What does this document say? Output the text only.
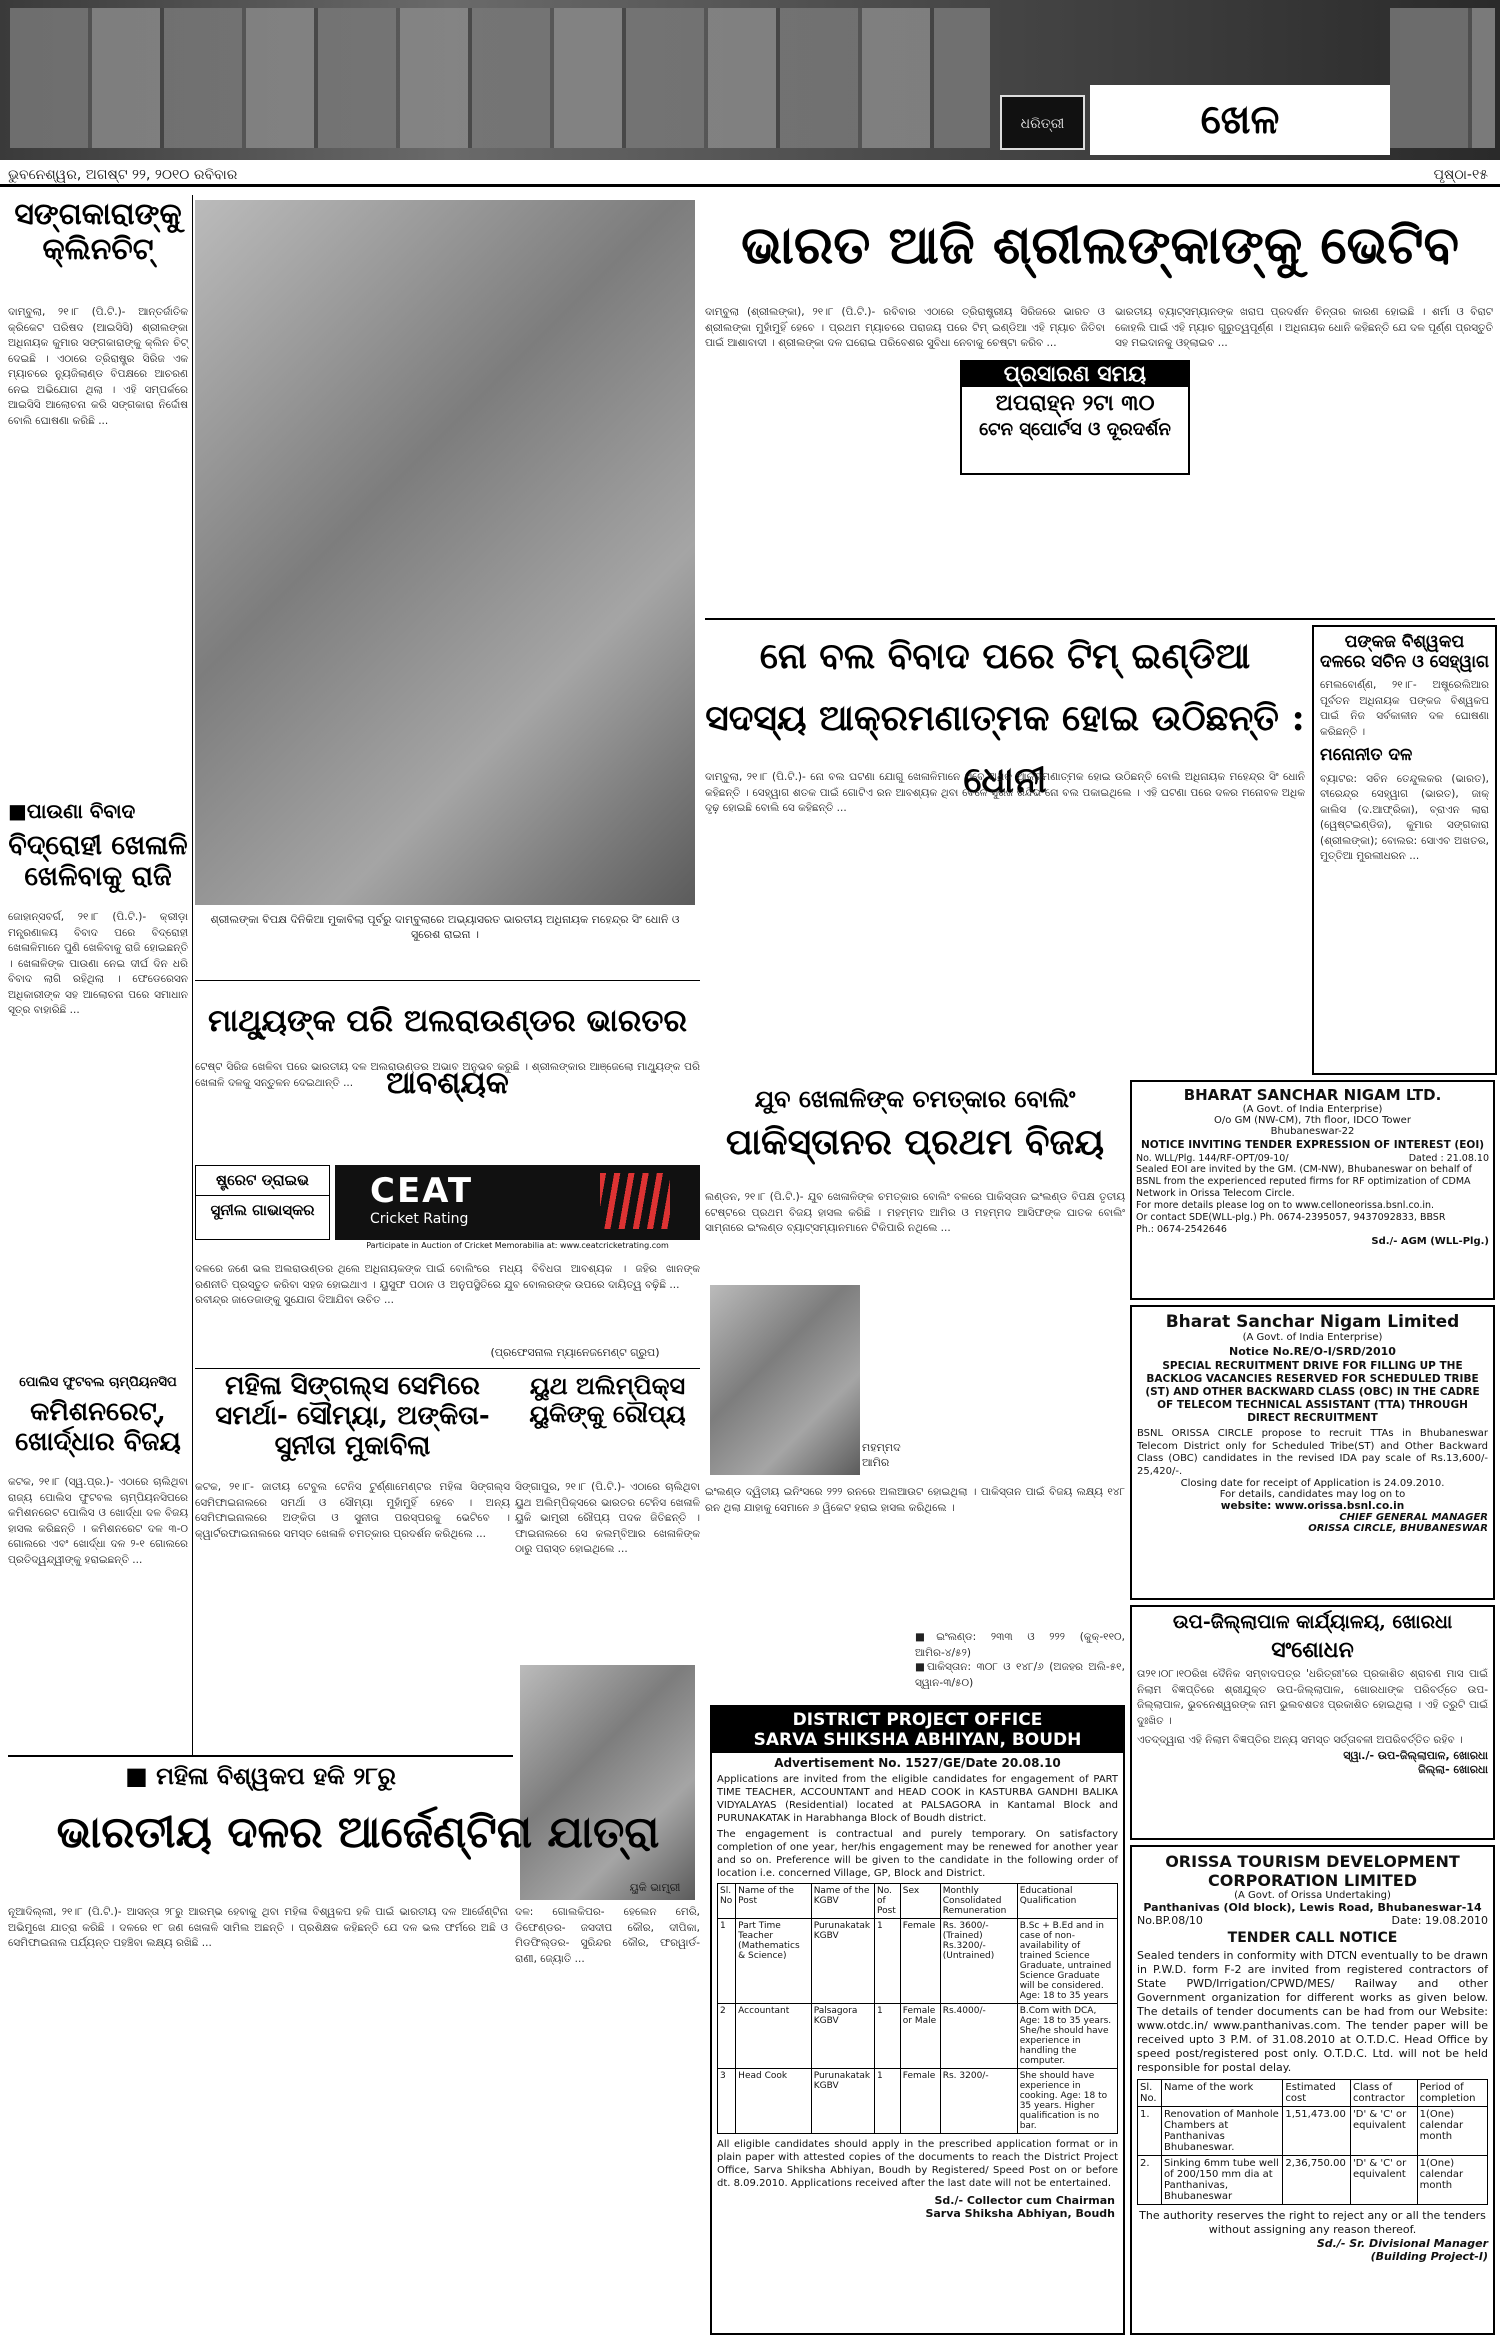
ଧରିତ୍ରୀ	ଖେଳ
ଭୁବନେଶ୍ୱର, ଅଗଷ୍ଟ ୨୨, ୨୦୧୦ ରବିବାର	ପୃଷ୍ଠା-୧୫
ସଙ୍ଗକାରାଙ୍କୁ କ୍ଲିନଚିଟ୍
ଦାମ୍ବୁଲା, ୨୧।୮ (ପି.ଟି.)- ଆନ୍ତର୍ଜାତିକ କ୍ରିକେଟ ପରିଷଦ (ଆଇସିସି) ଶ୍ରୀଲଙ୍କା ଅଧିନାୟକ କୁମାର ସଙ୍ଗକାରାଙ୍କୁ କ୍ଲିନ ଚିଟ୍ ଦେଇଛି । ଏଠାରେ ତ୍ରିରାଷ୍ଟ୍ର ସିରିଜ ଏକ ମ୍ୟାଚରେ ନ୍ୟୁଜିଲାଣ୍ଡ ବିପକ୍ଷରେ ଆଚରଣ ନେଇ ଅଭିଯୋଗ ଥିଲା । ଏହି ସମ୍ପର୍କରେ ଆଇସିସି ଆଲୋଚନା କରି ସଙ୍ଗକାରା ନିର୍ଦ୍ଦୋଷ ବୋଲି ଘୋଷଣା କରିଛି ...
■ପାଉଣା ବିବାଦ
ବିଦ୍ରୋହୀ ଖେଳାଳି ଖେଳିବାକୁ ରାଜି
ଜୋହାନ୍ସବର୍ଗ, ୨୧।୮ (ପି.ଟି.)- କ୍ରୀଡ଼ା ମନ୍ତ୍ରଣାଳୟ ବିବାଦ ପରେ ବିଦ୍ରୋହୀ ଖେଳାଳିମାନେ ପୁଣି ଖେଳିବାକୁ ରାଜି ହୋଇଛନ୍ତି । ଖେଳାଳିଙ୍କ ପାଉଣା ନେଇ ଦୀର୍ଘ ଦିନ ଧରି ବିବାଦ ଲାଗି ରହିଥିଲା । ଫେଡେରେସନ ଅଧିକାରୀଙ୍କ ସହ ଆଲୋଚନା ପରେ ସମାଧାନ ସୂତ୍ର ବାହାରିଛି ...
ପୋଲିସ ଫୁଟବଲ ଚାମ୍ପିୟନସିପ
କମିଶନରେଟ୍, ଖୋର୍ଦ୍ଧାର ବିଜୟ
କଟକ, ୨୧।୮ (ସ୍ୱ.ପ୍ର.)- ଏଠାରେ ଚାଲିଥିବା ରାଜ୍ୟ ପୋଲିସ ଫୁଟବଲ ଚାମ୍ପିୟନସିପରେ କମିଶନରେଟ ପୋଲିସ ଓ ଖୋର୍ଦ୍ଧା ଦଳ ବିଜୟ ହାସଲ କରିଛନ୍ତି । କମିଶନରେଟ ଦଳ ୩-୦ ଗୋଲରେ ଏବଂ ଖୋର୍ଦ୍ଧା ଦଳ ୨-୧ ଗୋଲରେ ପ୍ରତିଦ୍ୱନ୍ଦ୍ୱୀଙ୍କୁ ହରାଇଛନ୍ତି ...
ଶ୍ରୀଲଙ୍କା ବିପକ୍ଷ ଦିନିକିଆ ମୁକାବିଲା ପୂର୍ବରୁ ଦାମ୍ବୁଲାରେ ଅଭ୍ୟାସରତ ଭାରତୀୟ ଅଧିନାୟକ ମହେନ୍ଦ୍ର ସିଂ ଧୋନି ଓ ସୁରେଶ ରାଇନା ।
ଭାରତ ଆଜି ଶ୍ରୀଲଙ୍କାଙ୍କୁ ଭେଟିବ
ଦାମ୍ବୁଲା (ଶ୍ରୀଲଙ୍କା), ୨୧।୮ (ପି.ଟି.)- ରବିବାର ଏଠାରେ ତ୍ରିରାଷ୍ଟ୍ରୀୟ ସିରିଜରେ ଭାରତ ଓ ଶ୍ରୀଲଙ୍କା ମୁହାଁମୁହିଁ ହେବେ । ପ୍ରଥମ ମ୍ୟାଚରେ ପରାଜୟ ପରେ ଟିମ୍ ଇଣ୍ଡିଆ ଏହି ମ୍ୟାଚ ଜିତିବା ପାଇଁ ଆଶାବାଦୀ । ଶ୍ରୀଲଙ୍କା ଦଳ ଘରୋଇ ପରିବେଶର ସୁବିଧା ନେବାକୁ ଚେଷ୍ଟା କରିବ ...
ଭାରତୀୟ ବ୍ୟାଟ୍ସମ୍ୟାନଙ୍କ ଖରାପ ପ୍ରଦର୍ଶନ ଚିନ୍ତାର କାରଣ ହୋଇଛି । ଶର୍ମା ଓ ବିରାଟ କୋହଲି ପାଇଁ ଏହି ମ୍ୟାଚ ଗୁରୁତ୍ୱପୂର୍ଣ୍ଣ । ଅଧିନାୟକ ଧୋନି କହିଛନ୍ତି ଯେ ଦଳ ପୂର୍ଣ୍ଣ ପ୍ରସ୍ତୁତି ସହ ମଇଦାନକୁ ଓହ୍ଲାଇବ ...
ପ୍ରସାରଣ ସମୟ
ଅପରାହ୍ନ ୨ଟା ୩୦
ଟେନ ସ୍ପୋର୍ଟସ ଓ ଦୂରଦର୍ଶନ
ନୋ ବଲ ବିବାଦ ପରେ ଟିମ୍ ଇଣ୍ଡିଆ ସଦସ୍ୟ ଆକ୍ରମଣାତ୍ମକ ହୋଇ ଉଠିଛନ୍ତି : ଧୋନୀ
ଦାମ୍ବୁଲା, ୨୧।୮ (ପି.ଟି.)- ନୋ ବଲ ଘଟଣା ଯୋଗୁ ଖେଳାଳିମାନେ ଏବେ ଅଧିକ ଆକ୍ରମଣାତ୍ମକ ହୋଇ ଉଠିଛନ୍ତି ବୋଲି ଅଧିନାୟକ ମହେନ୍ଦ୍ର ସିଂ ଧୋନି କହିଛନ୍ତି । ସେହ୍ୱାଗ ଶତକ ପାଇଁ ଗୋଟିଏ ରନ ଆବଶ୍ୟକ ଥିବା ବେଳେ ସୁରଜ ରନ୍ଦିଭ ନୋ ବଲ ପକାଇଥିଲେ । ଏହି ଘଟଣା ପରେ ଦଳର ମନୋବଳ ଅଧିକ ଦୃଢ଼ ହୋଇଛି ବୋଲି ସେ କହିଛନ୍ତି ...
ପଙ୍କଜ ବିଶ୍ୱକପ ଦଳରେ ସଚିନ ଓ ସେହ୍ୱାଗ
ମେଲବୋର୍ଣ୍ଣ, ୨୧।୮- ଅଷ୍ଟ୍ରେଲିଆର ପୂର୍ବତନ ଅଧିନାୟକ ପଙ୍କଜ ବିଶ୍ୱକପ ପାଇଁ ନିଜ ସର୍ବକାଳୀନ ଦଳ ଘୋଷଣା କରିଛନ୍ତି ।
ମନୋନୀତ ଦଳ
ବ୍ୟାଟର: ସଚିନ ତେନ୍ଦୁଲକର (ଭାରତ), ବୀରେନ୍ଦ୍ର ସେହ୍ୱାଗ (ଭାରତ), ଜାକ୍ କାଲିସ (ଦ.ଆଫ୍ରିକା), ବ୍ରାଏନ ଲାରା (ୱେଷ୍ଟଇଣ୍ଡିଜ), କୁମାର ସଙ୍ଗକାରା (ଶ୍ରୀଲଙ୍କା); ବୋଲର: ସୋଏବ ଅଖତର, ମୁତ୍ତିଆ ମୁରଲୀଧରନ ...
ମାଥ୍ୟୁଙ୍କ ପରି ଅଲରାଉଣ୍ଡର ଭାରତର ଆବଶ୍ୟକ
ଟେଷ୍ଟ ସିରିଜ ଖେଳିବା ପରେ ଭାରତୀୟ ଦଳ ଅଲରାଉଣ୍ଡର ଅଭାବ ଅନୁଭବ କରୁଛି । ଶ୍ରୀଲଙ୍କାର ଆଞ୍ଜେଲୋ ମାଥ୍ୟୁଙ୍କ ପରି ଖେଳାଳି ଦଳକୁ ସନ୍ତୁଳନ ଦେଇଥାନ୍ତି ...
ଷ୍ଟ୍ରେଟ ଡ୍ରାଇଭ
ସୁନୀଲ ଗାଭାସ୍କର	CEAT
Cricket Rating
Participate in Auction of Cricket Memorabilia at: www.ceatcricketrating.com
ଦଳରେ ଜଣେ ଭଲ ଅଲରାଉଣ୍ଡର ଥିଲେ ଅଧିନାୟକଙ୍କ ପାଇଁ ରଣନୀତି ପ୍ରସ୍ତୁତ କରିବା ସହଜ ହୋଇଥାଏ । ୟୁସୁଫ ପଠାନ ଓ ରବୀନ୍ଦ୍ର ଜାଡେଜାଙ୍କୁ ସୁଯୋଗ ଦିଆଯିବା ଉଚିତ ...
ବୋଲିଂରେ ମଧ୍ୟ ବିବିଧତା ଆବଶ୍ୟକ । ଜହିର ଖାନଙ୍କ ଅନୁପସ୍ଥିତିରେ ଯୁବ ବୋଲରଙ୍କ ଉପରେ ଦାୟିତ୍ୱ ବଢ଼ିଛି ...
(ପ୍ରଫେସନାଲ ମ୍ୟାନେଜମେଣ୍ଟ ଗ୍ରୁପ)
ଯୁବ ଖେଳାଳିଙ୍କ ଚମତ୍କାର ବୋଲିଂ
ପାକିସ୍ତାନର ପ୍ରଥମ ବିଜୟ
ଲଣ୍ଡନ, ୨୧।୮ (ପି.ଟି.)- ଯୁବ ଖେଳାଳିଙ୍କ ଚମତ୍କାର ବୋଲିଂ ବଳରେ ପାକିସ୍ତାନ ଇଂଲଣ୍ଡ ବିପକ୍ଷ ତୃତୀୟ ଟେଷ୍ଟରେ ପ୍ରଥମ ବିଜୟ ହାସଲ କରିଛି । ମହମ୍ମଦ ଆମିର ଓ ମହମ୍ମଦ ଆସିଫଙ୍କ ଘାତକ ବୋଲିଂ ସାମ୍ନାରେ ଇଂଲଣ୍ଡ ବ୍ୟାଟ୍ସମ୍ୟାନମାନେ ଟିକିପାରି ନଥିଲେ ...
ମହମ୍ମଦ ଆମିର
ଇଂଲଣ୍ଡ ଦ୍ୱିତୀୟ ଇନିଂସରେ ୨୨୨ ରନରେ ଅଲଆଉଟ ହୋଇଥିଲା । ପାକିସ୍ତାନ ପାଇଁ ବିଜୟ ଲକ୍ଷ୍ୟ ୧୪୮ ରନ ଥିଲା ଯାହାକୁ ସେମାନେ ୬ ୱିକେଟ ହରାଇ ହାସଲ କରିଥିଲେ ।
■ଇଂଲଣ୍ଡ: ୨୩୩ ଓ ୨୨୨ (କୁକ୍-୧୧୦, ଆମିର-୪/୫୨)
■ପାକିସ୍ତାନ: ୩୦୮ ଓ ୧୪୮/୬ (ଅଜହର ଅଲି-୫୧, ସ୍ୱାନ-୩/୫୦)
ମହିଳା ସିଙ୍ଗଲ୍ସ ସେମିରେ ସମର୍ଥା- ସୌମ୍ୟା, ଅଙ୍କିତା-ସୁନୀତା ମୁକାବିଲା
କଟକ, ୨୧।୮- ଜାତୀୟ ଟେବୁଲ ଟେନିସ ଟୁର୍ଣ୍ଣାମେଣ୍ଟର ମହିଳା ସିଙ୍ଗଲ୍ସ ସେମିଫାଇନାଲରେ ସମର୍ଥା ଓ ସୌମ୍ୟା ମୁହାଁମୁହିଁ ହେବେ । ଅନ୍ୟ ସେମିଫାଇନାଲରେ ଅଙ୍କିତା ଓ ସୁନୀତା ପରସ୍ପରକୁ ଭେଟିବେ । କ୍ୱାର୍ଟରଫାଇନାଲରେ ସମସ୍ତ ଖେଳାଳି ଚମତ୍କାର ପ୍ରଦର୍ଶନ କରିଥିଲେ ...
ୟୁଥ ଅଲିମ୍ପିକ୍ସ ୟୁକିଙ୍କୁ ରୌପ୍ୟ
ସିଙ୍ଗାପୁର, ୨୧।୮ (ପି.ଟି.)- ଏଠାରେ ଚାଲିଥିବା ୟୁଥ ଅଲିମ୍ପିକ୍ସରେ ଭାରତର ଟେନିସ ଖେଳାଳି ୟୁକି ଭାମ୍ବ୍ରୀ ରୌପ୍ୟ ପଦକ ଜିତିଛନ୍ତି । ଫାଇନାଲରେ ସେ କଲମ୍ବିଆର ଖେଳାଳିଙ୍କ ଠାରୁ ପରାସ୍ତ ହୋଇଥିଲେ ...
ୟୁକି ଭାମ୍ବ୍ରୀ
■ ମହିଳା ବିଶ୍ୱକପ ହକି ୨୮ରୁ
ଭାରତୀୟ ଦଳର ଆର୍ଜେଣ୍ଟିନା ଯାତ୍ରା
ନୂଆଦିଲ୍ଲୀ, ୨୧।୮ (ପି.ଟି.)- ଆସନ୍ତା ୨୮ରୁ ଆରମ୍ଭ ହେବାକୁ ଥିବା ମହିଳା ବିଶ୍ୱକପ ହକି ପାଇଁ ଭାରତୀୟ ଦଳ ଆର୍ଜେଣ୍ଟିନା ଅଭିମୁଖେ ଯାତ୍ରା କରିଛି । ଦଳରେ ୧୮ ଜଣ ଖେଳାଳି ସାମିଲ ଅଛନ୍ତି । ପ୍ରଶିକ୍ଷକ କହିଛନ୍ତି ଯେ ଦଳ ଭଲ ଫର୍ମରେ ଅଛି ଓ ସେମିଫାଇନାଲ ପର୍ଯ୍ୟନ୍ତ ପହଞ୍ଚିବା ଲକ୍ଷ୍ୟ ରଖିଛି ...
ଦଳ: ଗୋଲକିପର- ହେଲେନ ମେରି, ଡିଫେଣ୍ଡର- ଜସଦୀପ କୌର, ଦୀପିକା, ମିଡଫିଲ୍ଡର- ସୁରିନ୍ଦର କୌର, ଫରୱାର୍ଡ- ରାଣୀ, ଜ୍ୟୋତି ...
DISTRICT PROJECT OFFICE
SARVA SHIKSHA ABHIYAN, BOUDH
Advertisement No. 1527/GE/Date 20.08.10
Applications are invited from the eligible candidates for engagement of PART TIME TEACHER, ACCOUNTANT and HEAD COOK in KASTURBA GANDHI BALIKA VIDYALAYAS (Residential) located at PALSAGORA in Kantamal Block and PURUNAKATAK in Harabhanga Block of Boudh district.
The engagement is contractual and purely temporary. On satisfactory completion of one year, her/his engagement may be renewed for another year and so on. Preference will be given to the candidate in the following order of location i.e. concerned Village, GP, Block and District.
Sl. No	Name of the Post	Name of the KGBV	No. of Post	Sex	Monthly Consolidated Remuneration	Educational Qualification
1	Part Time Teacher (Mathematics & Science)	Purunakatak KGBV	1	Female	Rs. 3600/- (Trained) Rs.3200/- (Untrained)	B.Sc + B.Ed and in case of non-availability of trained Science Graduate, untrained Science Graduate will be considered. Age: 18 to 35 years
2	Accountant	Palsagora KGBV	1	Female or Male	Rs.4000/-	B.Com with DCA, Age: 18 to 35 years. She/he should have experience in handling the computer.
3	Head Cook	Purunakatak KGBV	1	Female	Rs. 3200/-	She should have experience in cooking. Age: 18 to 35 years. Higher qualification is no bar.
All eligible candidates should apply in the prescribed application format or in plain paper with attested copies of the documents to reach the District Project Office, Sarva Shiksha Abhiyan, Boudh by Registered/ Speed Post on or before dt. 8.09.2010. Applications received after the last date will not be entertained.
Sd./- Collector cum Chairman
Sarva Shiksha Abhiyan, Boudh
BHARAT SANCHAR NIGAM LTD.
(A Govt. of India Enterprise)
O/o GM (NW-CM), 7th floor, IDCO Tower
Bhubaneswar-22
NOTICE INVITING TENDER EXPRESSION OF INTEREST (EOI)
No. WLL/Plg. 144/RF-OPT/09-10/	Dated : 21.08.10
Sealed EOI are invited by the GM. (CM-NW), Bhubaneswar on behalf of BSNL from the experienced reputed firms for RF optimization of CDMA Network in Orissa Telecom Circle.
For more details please log on to www.celloneorissa.bsnl.co.in.
Or contact SDE(WLL-plg.) Ph. 0674-2395057, 9437092833, BBSR
Ph.: 0674-2542646
Sd./- AGM (WLL-Plg.)
Bharat Sanchar Nigam Limited
(A Govt. of India Enterprise)
Notice No.RE/O-I/SRD/2010
SPECIAL RECRUITMENT DRIVE FOR FILLING UP THE BACKLOG VACANCIES RESERVED FOR SCHEDULED TRIBE (ST) AND OTHER BACKWARD CLASS (OBC) IN THE CADRE OF TELECOM TECHNICAL ASSISTANT (TTA) THROUGH DIRECT RECRUITMENT
BSNL ORISSA CIRCLE propose to recruit TTAs in Bhubaneswar Telecom District only for Scheduled Tribe(ST) and Other Backward Class (OBC) candidates in the revised IDA pay scale of Rs.13,600/- 25,420/-.
Closing date for receipt of Application is 24.09.2010.
For details, candidates may log on to
website: www.orissa.bsnl.co.in
CHIEF GENERAL MANAGER
ORISSA CIRCLE, BHUBANESWAR
ଉପ-ଜିଲ୍ଲାପାଳ କାର୍ଯ୍ୟାଳୟ, ଖୋରଧା
ସଂଶୋଧନ
ତା୨୧।୦୮।୧୦ରିଖ ଦୈନିକ ସମ୍ବାଦପତ୍ର 'ଧରିତ୍ରୀ'ରେ ପ୍ରକାଶିତ ଶ୍ରାବଣ ମାସ ପାଇଁ ନିଲାମ ବିଜ୍ଞପ୍ତିରେ ଶ୍ରୀଯୁକ୍ତ ଉପ-ଜିଲ୍ଲାପାଳ, ଖୋରଧାଙ୍କ ପରିବର୍ତ୍ତେ ଉପ-ଜିଲ୍ଲାପାଳ, ଭୁବନେଶ୍ୱରଙ୍କ ନାମ ଭୁଲବଶତଃ ପ୍ରକାଶିତ ହୋଇଥିଲା । ଏହି ତ୍ରୁଟି ପାଇଁ ଦୁଃଖିତ ।
ଏତଦ୍‌ଦ୍ୱାରା ଏହି ନିଲାମ ବିଜ୍ଞପ୍ତିର ଅନ୍ୟ ସମସ୍ତ ସର୍ତ୍ତାବଳୀ ଅପରିବର୍ତ୍ତିତ ରହିବ ।
ସ୍ୱା./- ଉପ-ଜିଲ୍ଲାପାଳ, ଖୋରଧା
ଜିଲ୍ଲା- ଖୋରଧା
ORISSA TOURISM DEVELOPMENT CORPORATION LIMITED
(A Govt. of Orissa Undertaking)
Panthanivas (Old block), Lewis Road, Bhubaneswar-14
No.BP.08/10	Date: 19.08.2010
TENDER CALL NOTICE
Sealed tenders in conformity with DTCN eventually to be drawn in P.W.D. form F-2 are invited from registered contractors of State PWD/Irrigation/CPWD/MES/ Railway and other Government organization for different works as given below. The details of tender documents can be had from our Website: www.otdc.in/ www.panthanivas.com. The tender paper will be received upto 3 P.M. of 31.08.2010 at O.T.D.C. Head Office by speed post/registered post only. O.T.D.C. Ltd. will not be held responsible for postal delay.
Sl. No.	Name of the work	Estimated cost	Class of contractor	Period of completion
1.	Renovation of Manhole Chambers at Panthanivas Bhubaneswar.	1,51,473.00	'D' & 'C' or equivalent	1(One) calendar month
2.	Sinking 6mm tube well of 200/150 mm dia at Panthanivas, Bhubaneswar	2,36,750.00	'D' & 'C' or equivalent	1(One) calendar month
The authority reserves the right to reject any or all the tenders without assigning any reason thereof.
Sd./- Sr. Divisional Manager
(Building Project-I)
